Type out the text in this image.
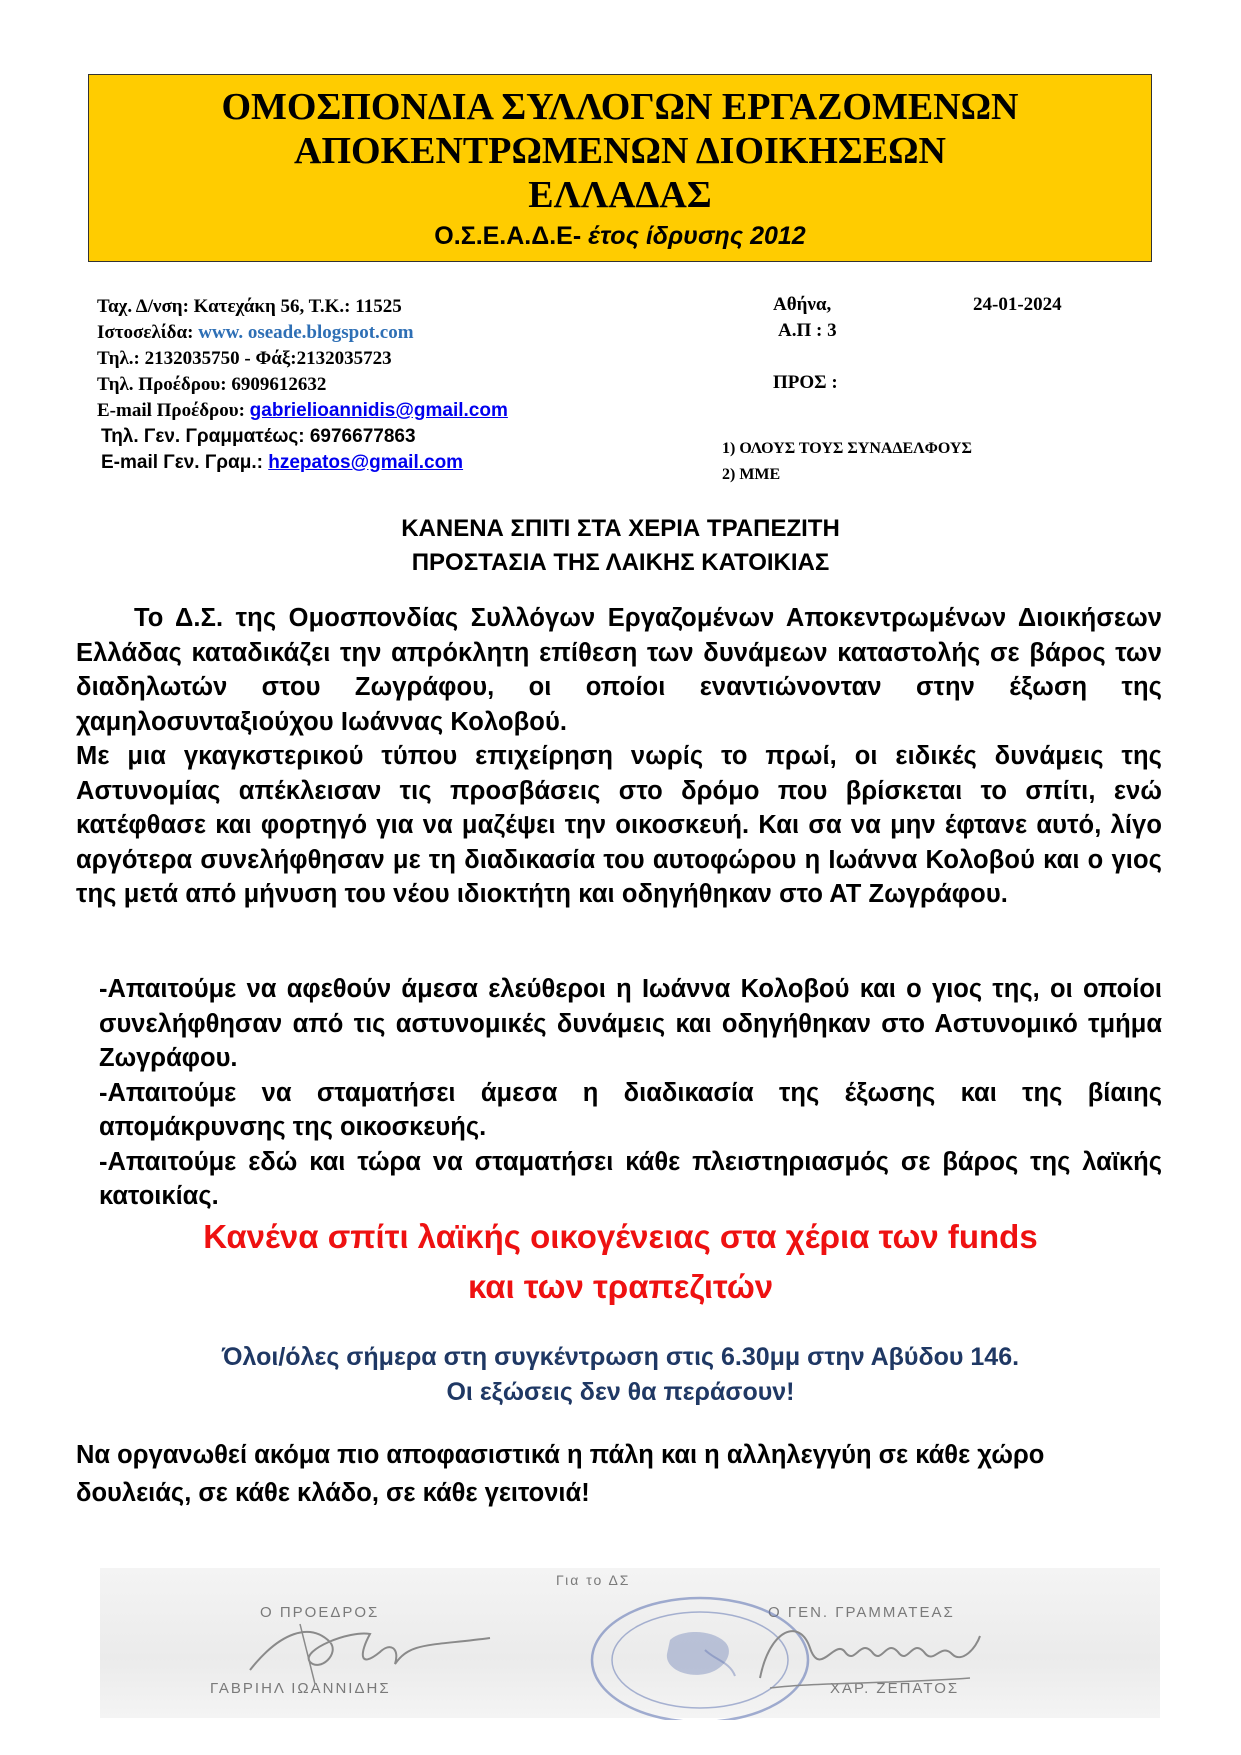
ΟΜΟΣΠΟΝΔΙΑ ΣΥΛΛΟΓΩΝ ΕΡΓΑΖΟΜΕΝΩΝ
ΑΠΟΚΕΝΤΡΩΜΕΝΩΝ ΔΙΟΙΚΗΣΕΩΝ
ΕΛΛΑΔΑΣ
Ο.Σ.Ε.Α.Δ.Ε- έτος ίδρυσης 2012
Ταχ. Δ/νση: Κατεχάκη 56, Τ.Κ.: 11525
Ιστοσελίδα: www. oseade.blogspot.com
Τηλ.: 2132035750 - Φάξ:2132035723
Τηλ. Προέδρου: 6909612632
E-mail Προέδρου: gabrielioannidis@gmail.com
Τηλ. Γεν. Γραμματέως: 6976677863
E-mail Γεν. Γραμ.: hzepatos@gmail.com
Αθήνα,	24-01-2024
Α.Π : 3
ΠΡΟΣ :
1) ΟΛΟΥΣ ΤΟΥΣ ΣΥΝΑΔΕΛΦΟΥΣ
2) ΜΜΕ
ΚΑΝΕΝΑ ΣΠΙΤΙ ΣΤΑ ΧΕΡΙΑ ΤΡΑΠΕΖΙΤΗ
ΠΡΟΣΤΑΣΙΑ ΤΗΣ ΛΑΙΚΗΣ ΚΑΤΟΙΚΙΑΣ

Το Δ.Σ. της Ομοσπονδίας Συλλόγων Εργαζομένων Αποκεντρωμένων Διοικήσεων Ελλάδας καταδικάζει την απρόκλητη επίθεση των δυνάμεων καταστολής σε βάρος των διαδηλωτών στου Ζωγράφου, οι οποίοι εναντιώνονταν στην έξωση της χαμηλοσυνταξιούχου Ιωάννας Κολοβού.

Με μια γκαγκστερικού τύπου επιχείρηση νωρίς το πρωί, οι ειδικές δυνάμεις της Αστυνομίας απέκλεισαν τις προσβάσεις στο δρόμο που βρίσκεται το σπίτι, ενώ κατέφθασε και φορτηγό για να μαζέψει την οικοσκευή. Και σα να μην έφτανε αυτό, λίγο αργότερα συνελήφθησαν με τη διαδικασία του αυτοφώρου η Ιωάννα Κολοβού και ο γιος της μετά από μήνυση του νέου ιδιοκτήτη και οδηγήθηκαν στο ΑΤ Ζωγράφου.

-Απαιτούμε να αφεθούν άμεσα ελεύθεροι η Ιωάννα Κολοβού και ο γιος της, οι οποίοι συνελήφθησαν από τις αστυνομικές δυνάμεις και οδηγήθηκαν στο Αστυνομικό τμήμα Ζωγράφου.

-Απαιτούμε να σταματήσει άμεσα η διαδικασία της έξωσης και της βίαιης απομάκρυνσης της οικοσκευής.

-Απαιτούμε εδώ και τώρα να σταματήσει κάθε πλειστηριασμός σε βάρος της λαϊκής κατοικίας.

Κανένα σπίτι λαϊκής οικογένειας στα χέρια των funds
και των τραπεζιτών
Όλοι/όλες σήμερα στη συγκέντρωση στις 6.30μμ στην Αβύδου 146.
Οι εξώσεις δεν θα περάσουν!
Να οργανωθεί ακόμα πιο αποφασιστικά η πάλη και η αλληλεγγύη σε κάθε χώρο δουλειάς, σε κάθε κλάδο, σε κάθε γειτονιά!
Για το ΔΣ
Ο ΠΡΟΕΔΡΟΣ
ΓΑΒΡΙΗΛ ΙΩΑΝΝΙΔΗΣ
Ο ΓΕΝ. ΓΡΑΜΜΑΤΕΑΣ
ΧΑΡ. ΖΕΠΑΤΟΣ
